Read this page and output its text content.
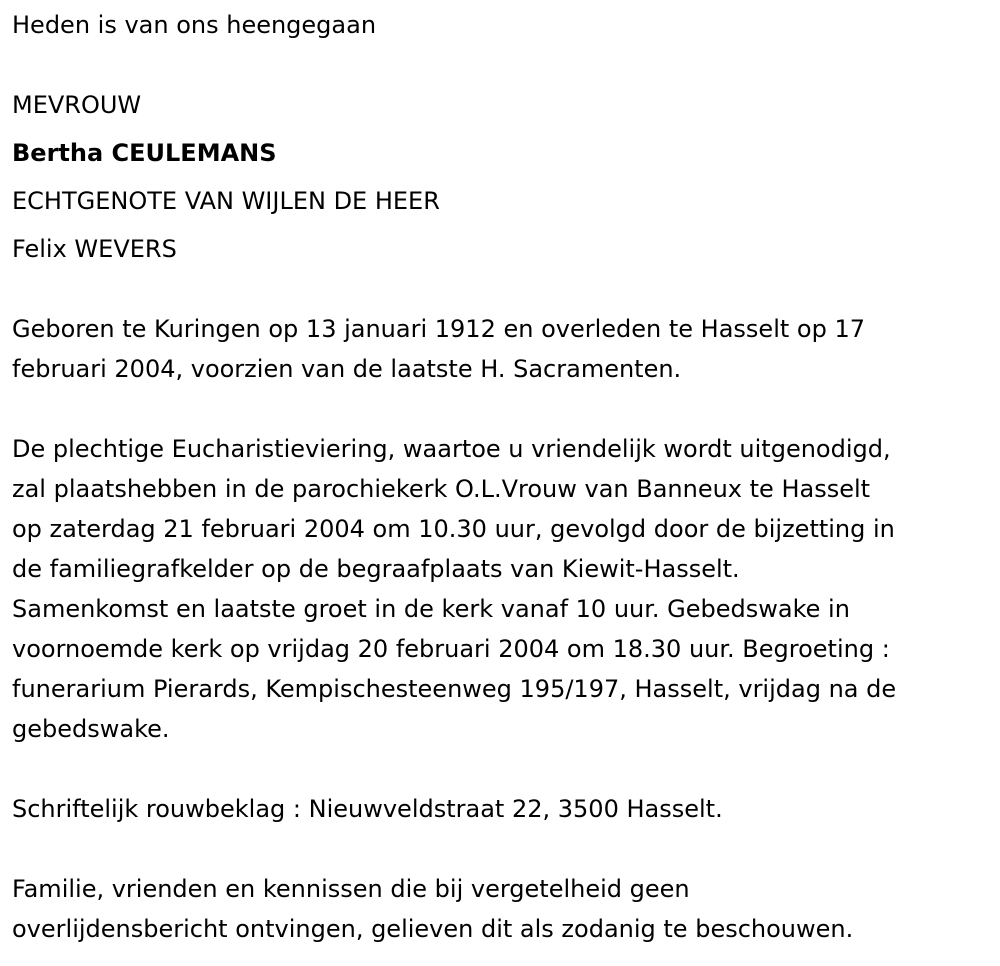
Heden is van ons heengegaan

MEVROUW

Bertha CEULEMANS

ECHTGENOTE VAN WIJLEN DE HEER

Felix WEVERS

Geboren te Kuringen op 13 januari 1912 en overleden te Hasselt op 17
februari 2004, voorzien van de laatste H. Sacramenten.
De plechtige Eucharistieviering, waartoe u vriendelijk wordt uitgenodigd,
zal plaatshebben in de parochiekerk O.L.Vrouw van Banneux te Hasselt
op zaterdag 21 februari 2004 om 10.30 uur, gevolgd door de bijzetting in
de familiegrafkelder op de begraafplaats van Kiewit-Hasselt.
Samenkomst en laatste groet in de kerk vanaf 10 uur. Gebedswake in
voornoemde kerk op vrijdag 20 februari 2004 om 18.30 uur. Begroeting :
funerarium Pierards, Kempischesteenweg 195/197, Hasselt, vrijdag na de
gebedswake.

Schriftelijk rouwbeklag : Nieuwveldstraat 22, 3500 Hasselt.

Familie, vrienden en kennissen die bij vergetelheid geen
overlijdensbericht ontvingen, gelieven dit als zodanig te beschouwen.
